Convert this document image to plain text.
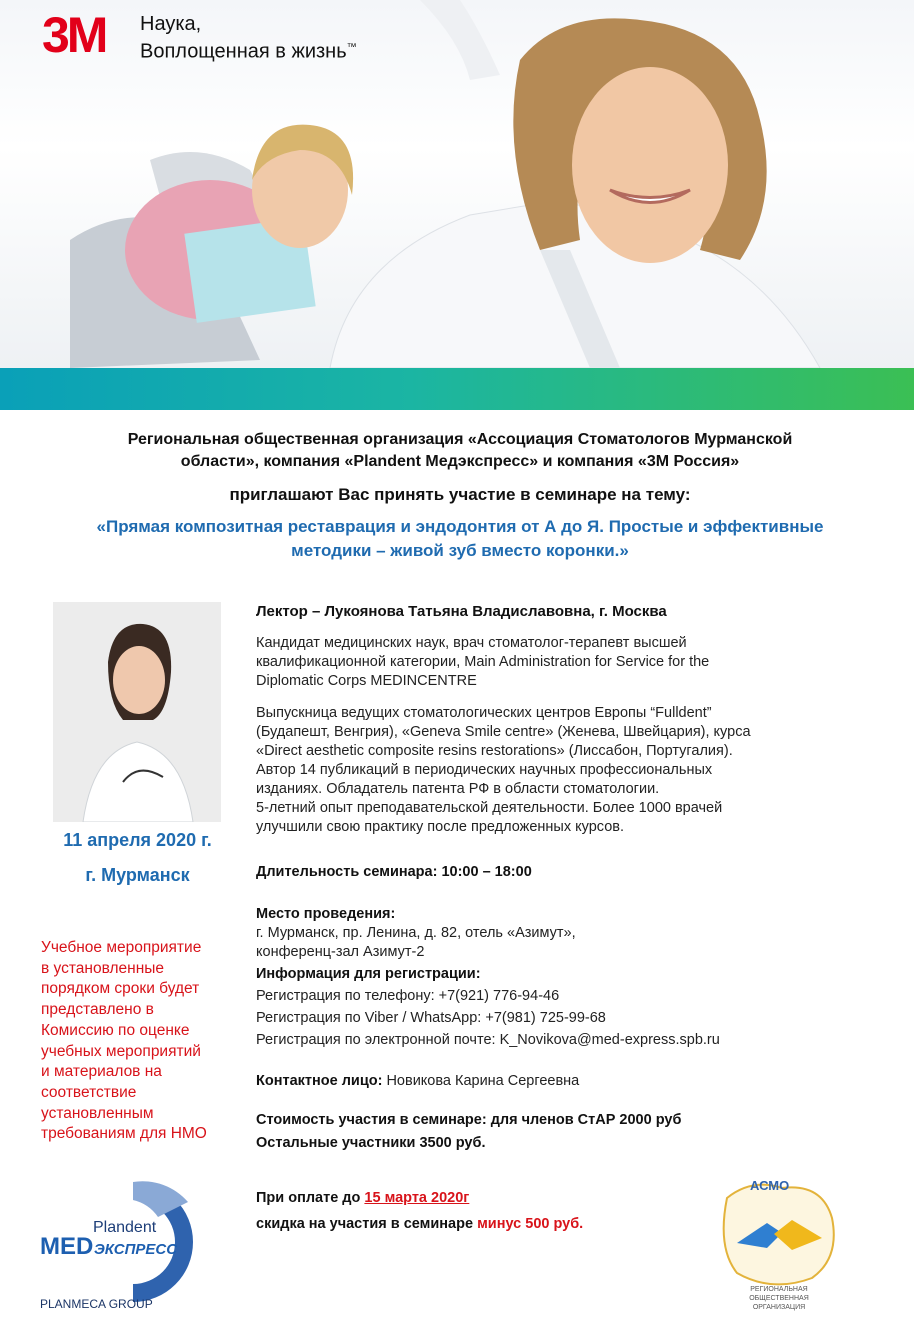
3M Наука,
Воплощенная в жизнь™
Региональная общественная организация «Ассоциация Стоматологов Мурманской
области», компания «Plandent Медэкспресс» и компания «3М Россия»
приглашают Вас принять участие в семинаре на тему:
«Прямая композитная реставрация и эндодонтия от А до Я. Простые и эффективные
методики – живой зуб вместо коронки.»
11 апреля 2020 г.
г. Мурманск
Учебное мероприятие
в установленные
порядком сроки будет
представлено в
Комиссию по оценке
учебных мероприятий
и материалов на
соответствие
установленным
требованиям для НМО
Лектор – Лукоянова Татьяна Владиславовна, г. Москва
Кандидат медицинских наук, врач стоматолог-терапевт высшей
квалификационной категории, Main Administration for Service for the
Diplomatic Corps MEDINCENTRE
Выпускница ведущих стоматологических центров Европы “Fulldent”
(Будапешт, Венгрия), «Geneva Smile centre» (Женева, Швейцария), курса
«Direct aesthetic composite resins restorations» (Лиссабон, Португалия).
Автор 14 публикаций в периодических научных профессиональных
изданиях. Обладатель патента РФ в области стоматологии.
5-летний опыт преподавательской деятельности. Более 1000 врачей
улучшили свою практику после предложенных курсов.
Длительность семинара: 10:00 – 18:00
Место проведения:
г. Мурманск, пр. Ленина, д. 82, отель «Азимут»,
конференц-зал Азимут-2
Информация для регистрации:
Регистрация по телефону: +7(921) 776-94-46
Регистрация по Viber / WhatsApp: +7(981) 725-99-68
Регистрация по электронной почте: K_Novikova@med-express.spb.ru
Контактное лицо: Новикова Карина Сергеевна
Стоимость участия в семинаре: для членов СтАР 2000 руб
Остальные участники 3500 руб.
При оплате до 15 марта 2020г
скидка на участия в семинаре минус 500 руб.
Plandent
MED ЭКСПРЕСС
PLANMECA GROUP
АСМО
РЕГИОНАЛЬНАЯ
ОБЩЕСТВЕННАЯ
ОРГАНИЗАЦИЯ
